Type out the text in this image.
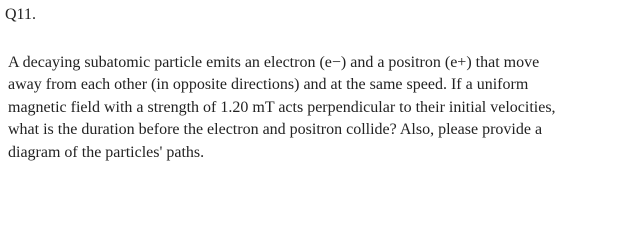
Q11.
A decaying subatomic particle emits an electron (e−) and a positron (e+) that move
away from each other (in opposite directions) and at the same speed. If a uniform
magnetic field with a strength of 1.20 mT acts perpendicular to their initial velocities,
what is the duration before the electron and positron collide? Also, please provide a
diagram of the particles' paths.
